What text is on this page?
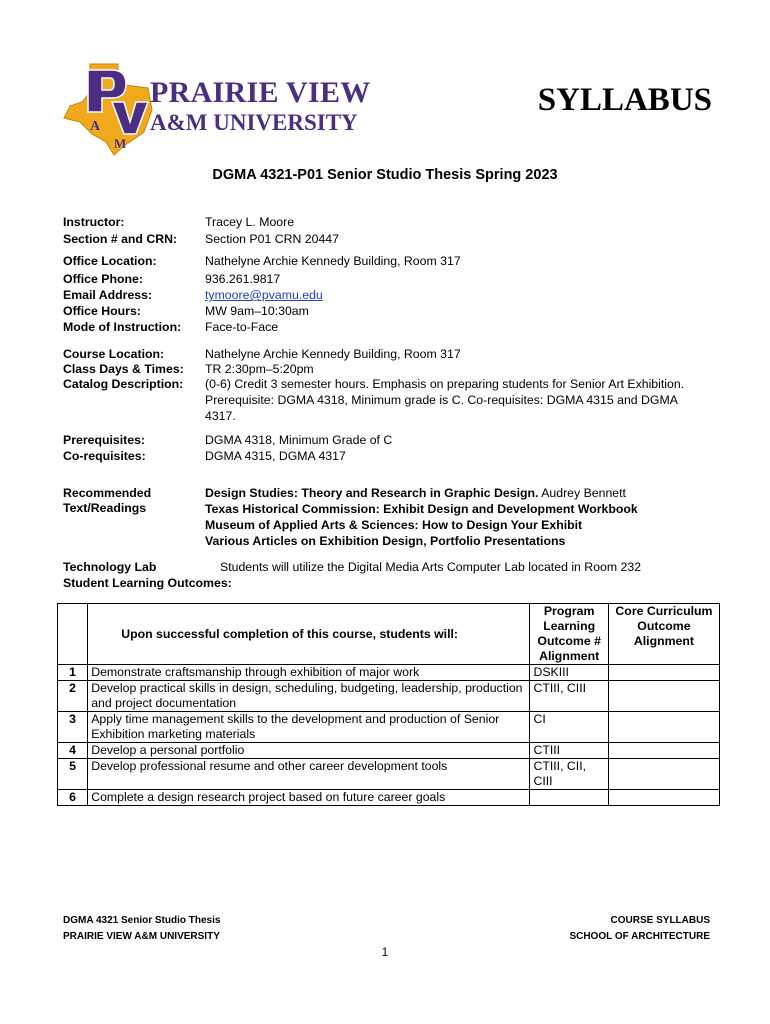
A
M
PRAIRIE VIEW
A&M UNIVERSITY
SYLLABUS
DGMA 4321-P01 Senior Studio Thesis Spring 2023
Instructor:	Tracey L. Moore
Section # and CRN: Section P01 CRN 20447
Office Location:	Nathelyne Archie Kennedy Building, Room 317
Office Phone:	936.261.9817
Email Address:	tymoore@pvamu.edu
Office Hours:	MW 9am–10:30am
Mode of Instruction: Face-to-Face
Course Location:	Nathelyne Archie Kennedy Building, Room 317
Class Days & Times: TR 2:30pm–5:20pm
Catalog Description: (0-6) Credit 3 semester hours. Emphasis on preparing students for Senior Art Exhibition. Prerequisite: DGMA 4318, Minimum grade is C. Co-requisites: DGMA 4315 and DGMA 4317.
Prerequisites:	DGMA 4318, Minimum Grade of C
Co-requisites:	DGMA 4315, DGMA 4317
Recommended
Text/Readings
Design Studies: Theory and Research in Graphic Design. Audrey Bennett
Texas Historical Commission: Exhibit Design and Development Workbook
Museum of Applied Arts & Sciences: How to Design Your Exhibit
Various Articles on Exhibition Design, Portfolio Presentations
Technology Lab	Students will utilize the Digital Media Arts Computer Lab located in Room 232
Student Learning Outcomes:
	Upon successful completion of this course, students will:	Program Learning Outcome # Alignment	Core Curriculum Outcome Alignment
1	Demonstrate craftsmanship through exhibition of major work	DSKIII	
2	Develop practical skills in design, scheduling, budgeting, leadership, production and project documentation	CTIII, CIII	
3	Apply time management skills to the development and production of Senior Exhibition marketing materials	CI	
4	Develop a personal portfolio	CTIII	
5	Develop professional resume and other career development tools	CTIII, CII, CIII	
6	Complete a design research project based on future career goals		
DGMA 4321 Senior Studio Thesis
PRAIRIE VIEW A&M UNIVERSITY
COURSE SYLLABUS
SCHOOL OF ARCHITECTURE
1
